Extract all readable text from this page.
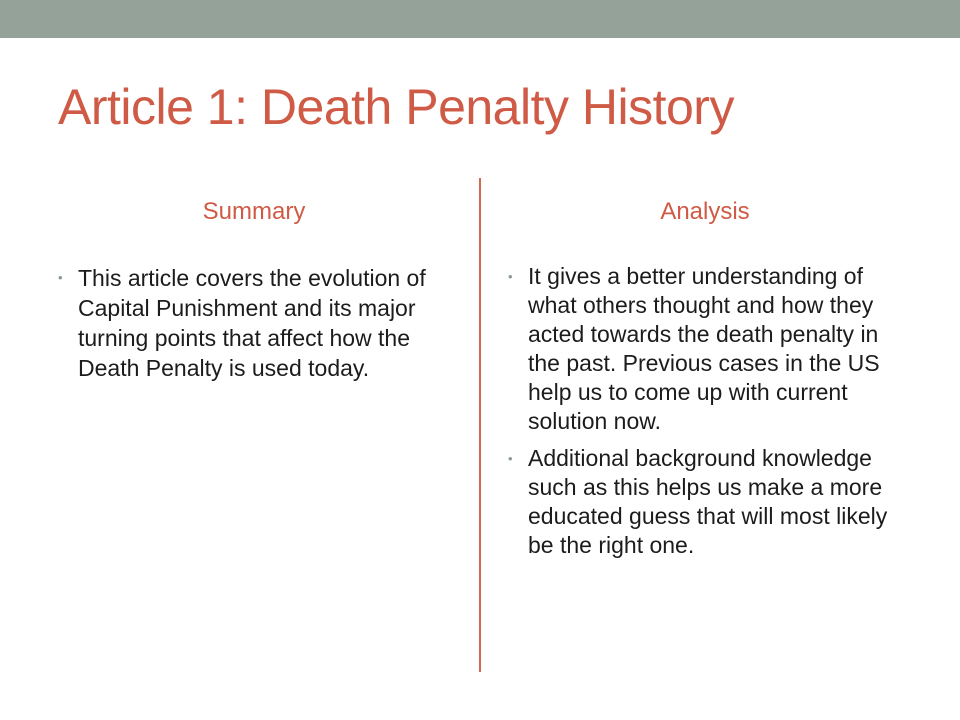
Article 1: Death Penalty History
Summary	Analysis
• This article covers the evolution of Capital Punishment and its major turning points that affect how the Death Penalty is used today.
• It gives a better understanding of what others thought and how they acted towards the death penalty in the past. Previous cases in the US help us to come up with current solution now.
• Additional background knowledge such as this helps us make a more educated guess that will most likely be the right one.
